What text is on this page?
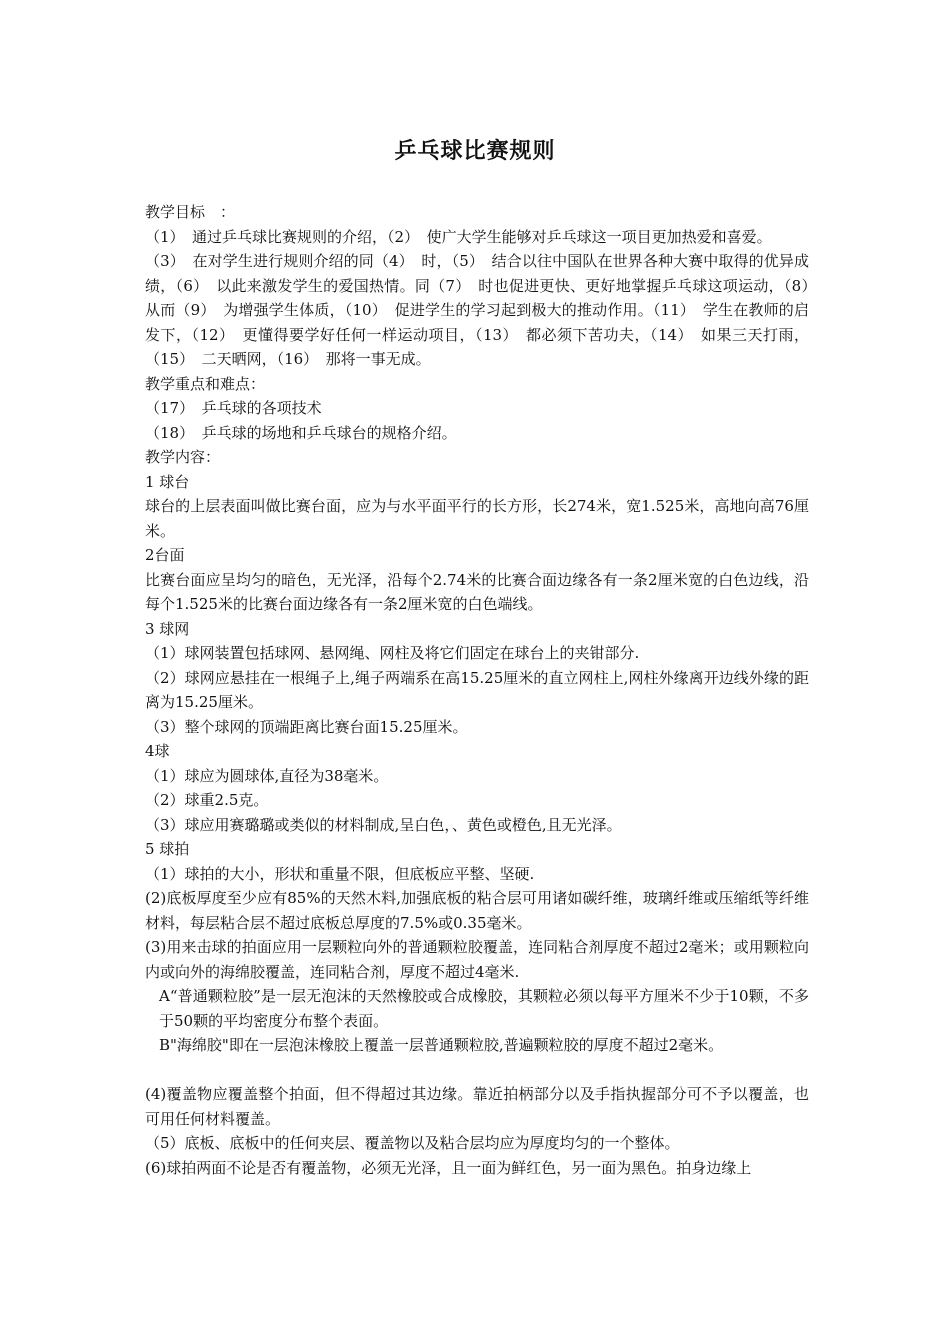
乒乓球比赛规则

教学目标　：

（1）　通过乒乓球比赛规则的介绍，（2）　使广大学生能够对乒乓球这一项目更加热爱和喜爱。

（3）　在对学生进行规则介绍的同（4）　时，（5）　结合以往中国队在世界各种大赛中取得的优异成绩，（6）　以此来激发学生的爱国热情。同（7）　时也促进更快、更好地掌握乒乓球这项运动，（8）　从而（9）　为增强学生体质，（10）　促进学生的学习起到极大的推动作用。（11）　学生在教师的启发下，（12）　更懂得要学好任何一样运动项目，（13）　都必须下苦功夫，（14）　如果三天打雨，（15）　二天晒网，（16）　那将一事无成。

教学重点和难点：

（17）　乒乓球的各项技术

（18）　乒乓球的场地和乒乓球台的规格介绍。

教学内容：

1 球台

球台的上层表面叫做比赛台面，应为与水平面平行的长方形，长274米，宽1.525米，高地向高76厘米。

2台面

比赛台面应呈均匀的暗色，无光泽，沿每个2.74米的比赛合面边缘各有一条2厘米宽的白色边线，沿每个1.525米的比赛台面边缘各有一条2厘米宽的白色端线。

3 球网

（1）球网装置包括球网、悬网绳、网柱及将它们固定在球台上的夹钳部分.

（2）球网应悬挂在一根绳子上,绳子两端系在高15.25厘米的直立网柱上,网柱外缘离开边线外缘的距离为15.25厘米。

（3）整个球网的顶端距离比赛台面15.25厘米。

4球

（1）球应为圆球体,直径为38毫米。

（2）球重2.5克。

（3）球应用赛璐璐或类似的材料制成,呈白色，、黄色或橙色,且无光泽。

5 球拍

（1）球拍的大小，形状和重量不限，但底板应平整、坚硬.

(2)底板厚度至少应有85%的天然木料,加强底板的粘合层可用诸如碳纤维，玻璃纤维或压缩纸等纤维材料，每层粘合层不超过底板总厚度的7.5%或0.35毫米。

(3)用来击球的拍面应用一层颗粒向外的普通颗粒胶覆盖，连同粘合剂厚度不超过2毫米；或用颗粒向内或向外的海绵胶覆盖，连同粘合剂，厚度不超过4毫米.

A“普通颗粒胶”是一层无泡沫的天然橡胶或合成橡胶，其颗粒必须以每平方厘米不少于10颗，不多于50颗的平均密度分布整个表面。

B"海绵胶"即在一层泡沫橡胶上覆盖一层普通颗粒胶,普遍颗粒胶的厚度不超过2毫米。

(4)覆盖物应覆盖整个拍面，但不得超过其边缘。靠近拍柄部分以及手指执握部分可不予以覆盖，也可用任何材料覆盖。

（5）底板、底板中的任何夹层、覆盖物以及粘合层均应为厚度均匀的一个整体。

(6)球拍两面不论是否有覆盖物，必须无光泽，且一面为鲜红色，另一面为黑色。拍身边缘上
